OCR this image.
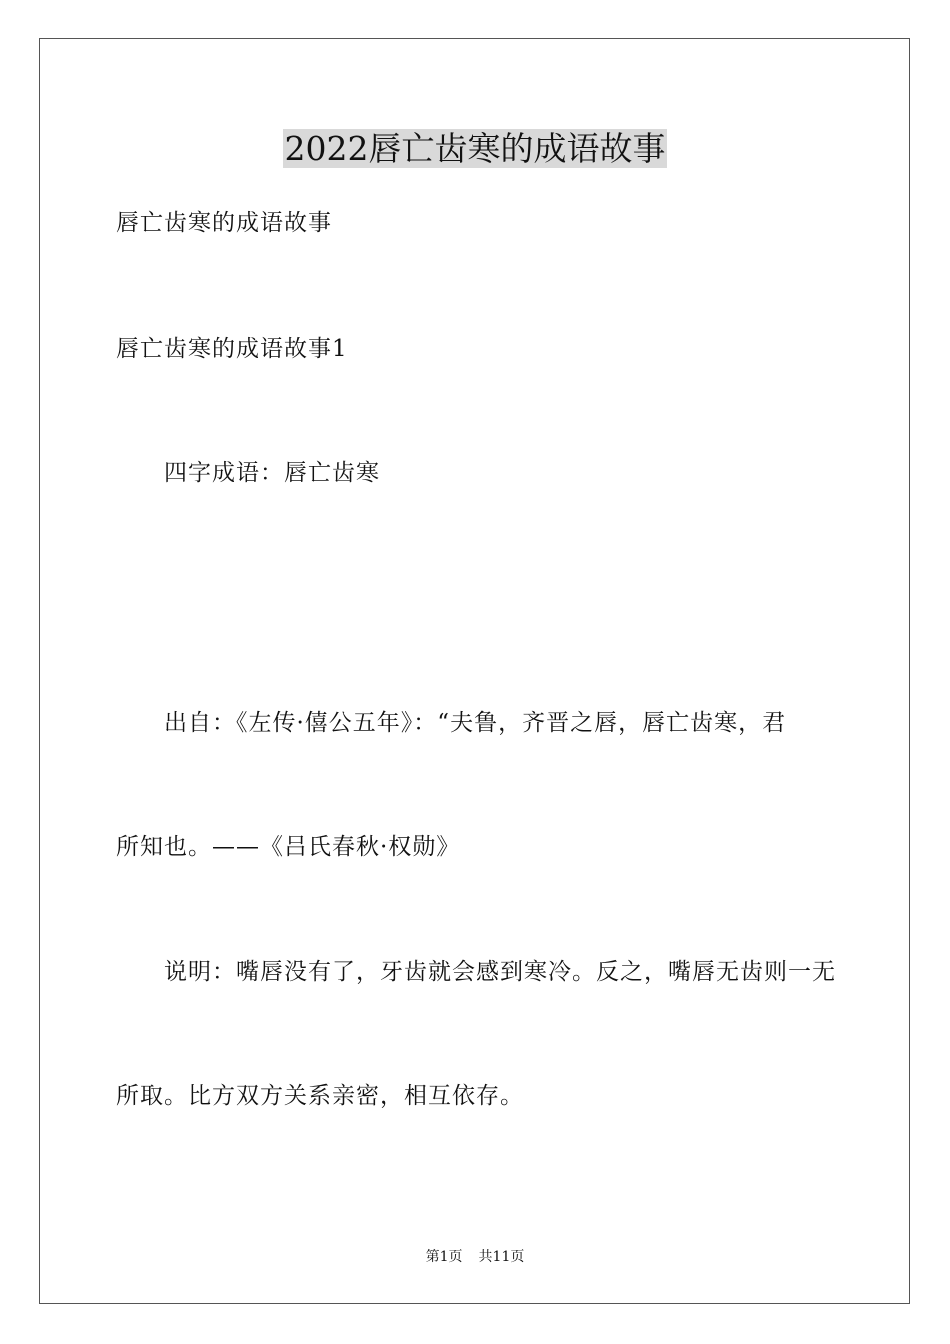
2022唇亡齿寒的成语故事
唇亡齿寒的成语故事
唇亡齿寒的成语故事1
四字成语：唇亡齿寒
出自：《左传·僖公五年》：“夫鲁，齐晋之唇，唇亡齿寒，君
所知也。——《吕氏春秋·权勋》
说明：嘴唇没有了，牙齿就会感到寒冷。反之，嘴唇无齿则一无
所取。比方双方关系亲密，相互依存。
第1页 共11页
